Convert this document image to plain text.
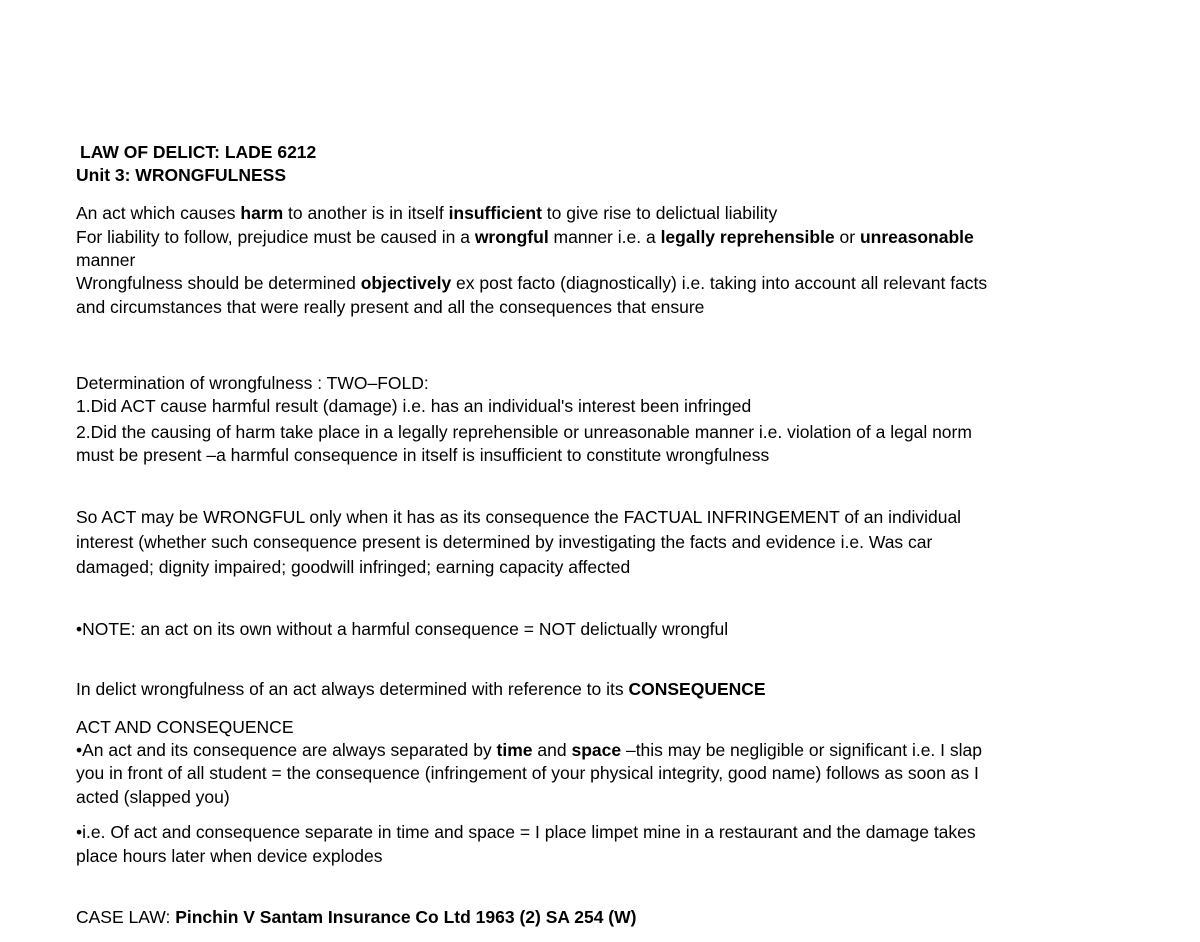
LAW OF DELICT: LADE 6212
Unit 3: WRONGFULNESS
An act which causes harm to another is in itself insufficient to give rise to delictual liability
For liability to follow, prejudice must be caused in a wrongful manner i.e. a legally reprehensible or unreasonable
manner
Wrongfulness should be determined objectively ex post facto (diagnostically) i.e. taking into account all relevant facts
and circumstances that were really present and all the consequences that ensure
Determination of wrongfulness : TWO–FOLD:
1.Did ACT cause harmful result (damage) i.e. has an individual's interest been infringed
2.Did the causing of harm take place in a legally reprehensible or unreasonable manner i.e. violation of a legal norm
must be present –a harmful consequence in itself is insufficient to constitute wrongfulness
So ACT may be WRONGFUL only when it has as its consequence the FACTUAL INFRINGEMENT of an individual
interest (whether such consequence present is determined by investigating the facts and evidence i.e. Was car
damaged; dignity impaired; goodwill infringed; earning capacity affected
•NOTE: an act on its own without a harmful consequence = NOT delictually wrongful
In delict wrongfulness of an act always determined with reference to its CONSEQUENCE
ACT AND CONSEQUENCE
•An act and its consequence are always separated by time and space –this may be negligible or significant i.e. I slap
you in front of all student = the consequence (infringement of your physical integrity, good name) follows as soon as I
acted (slapped you)
•i.e. Of act and consequence separate in time and space = I place limpet mine in a restaurant and the damage takes
place hours later when device explodes
CASE LAW: Pinchin V Santam Insurance Co Ltd 1963 (2) SA 254 (W)
